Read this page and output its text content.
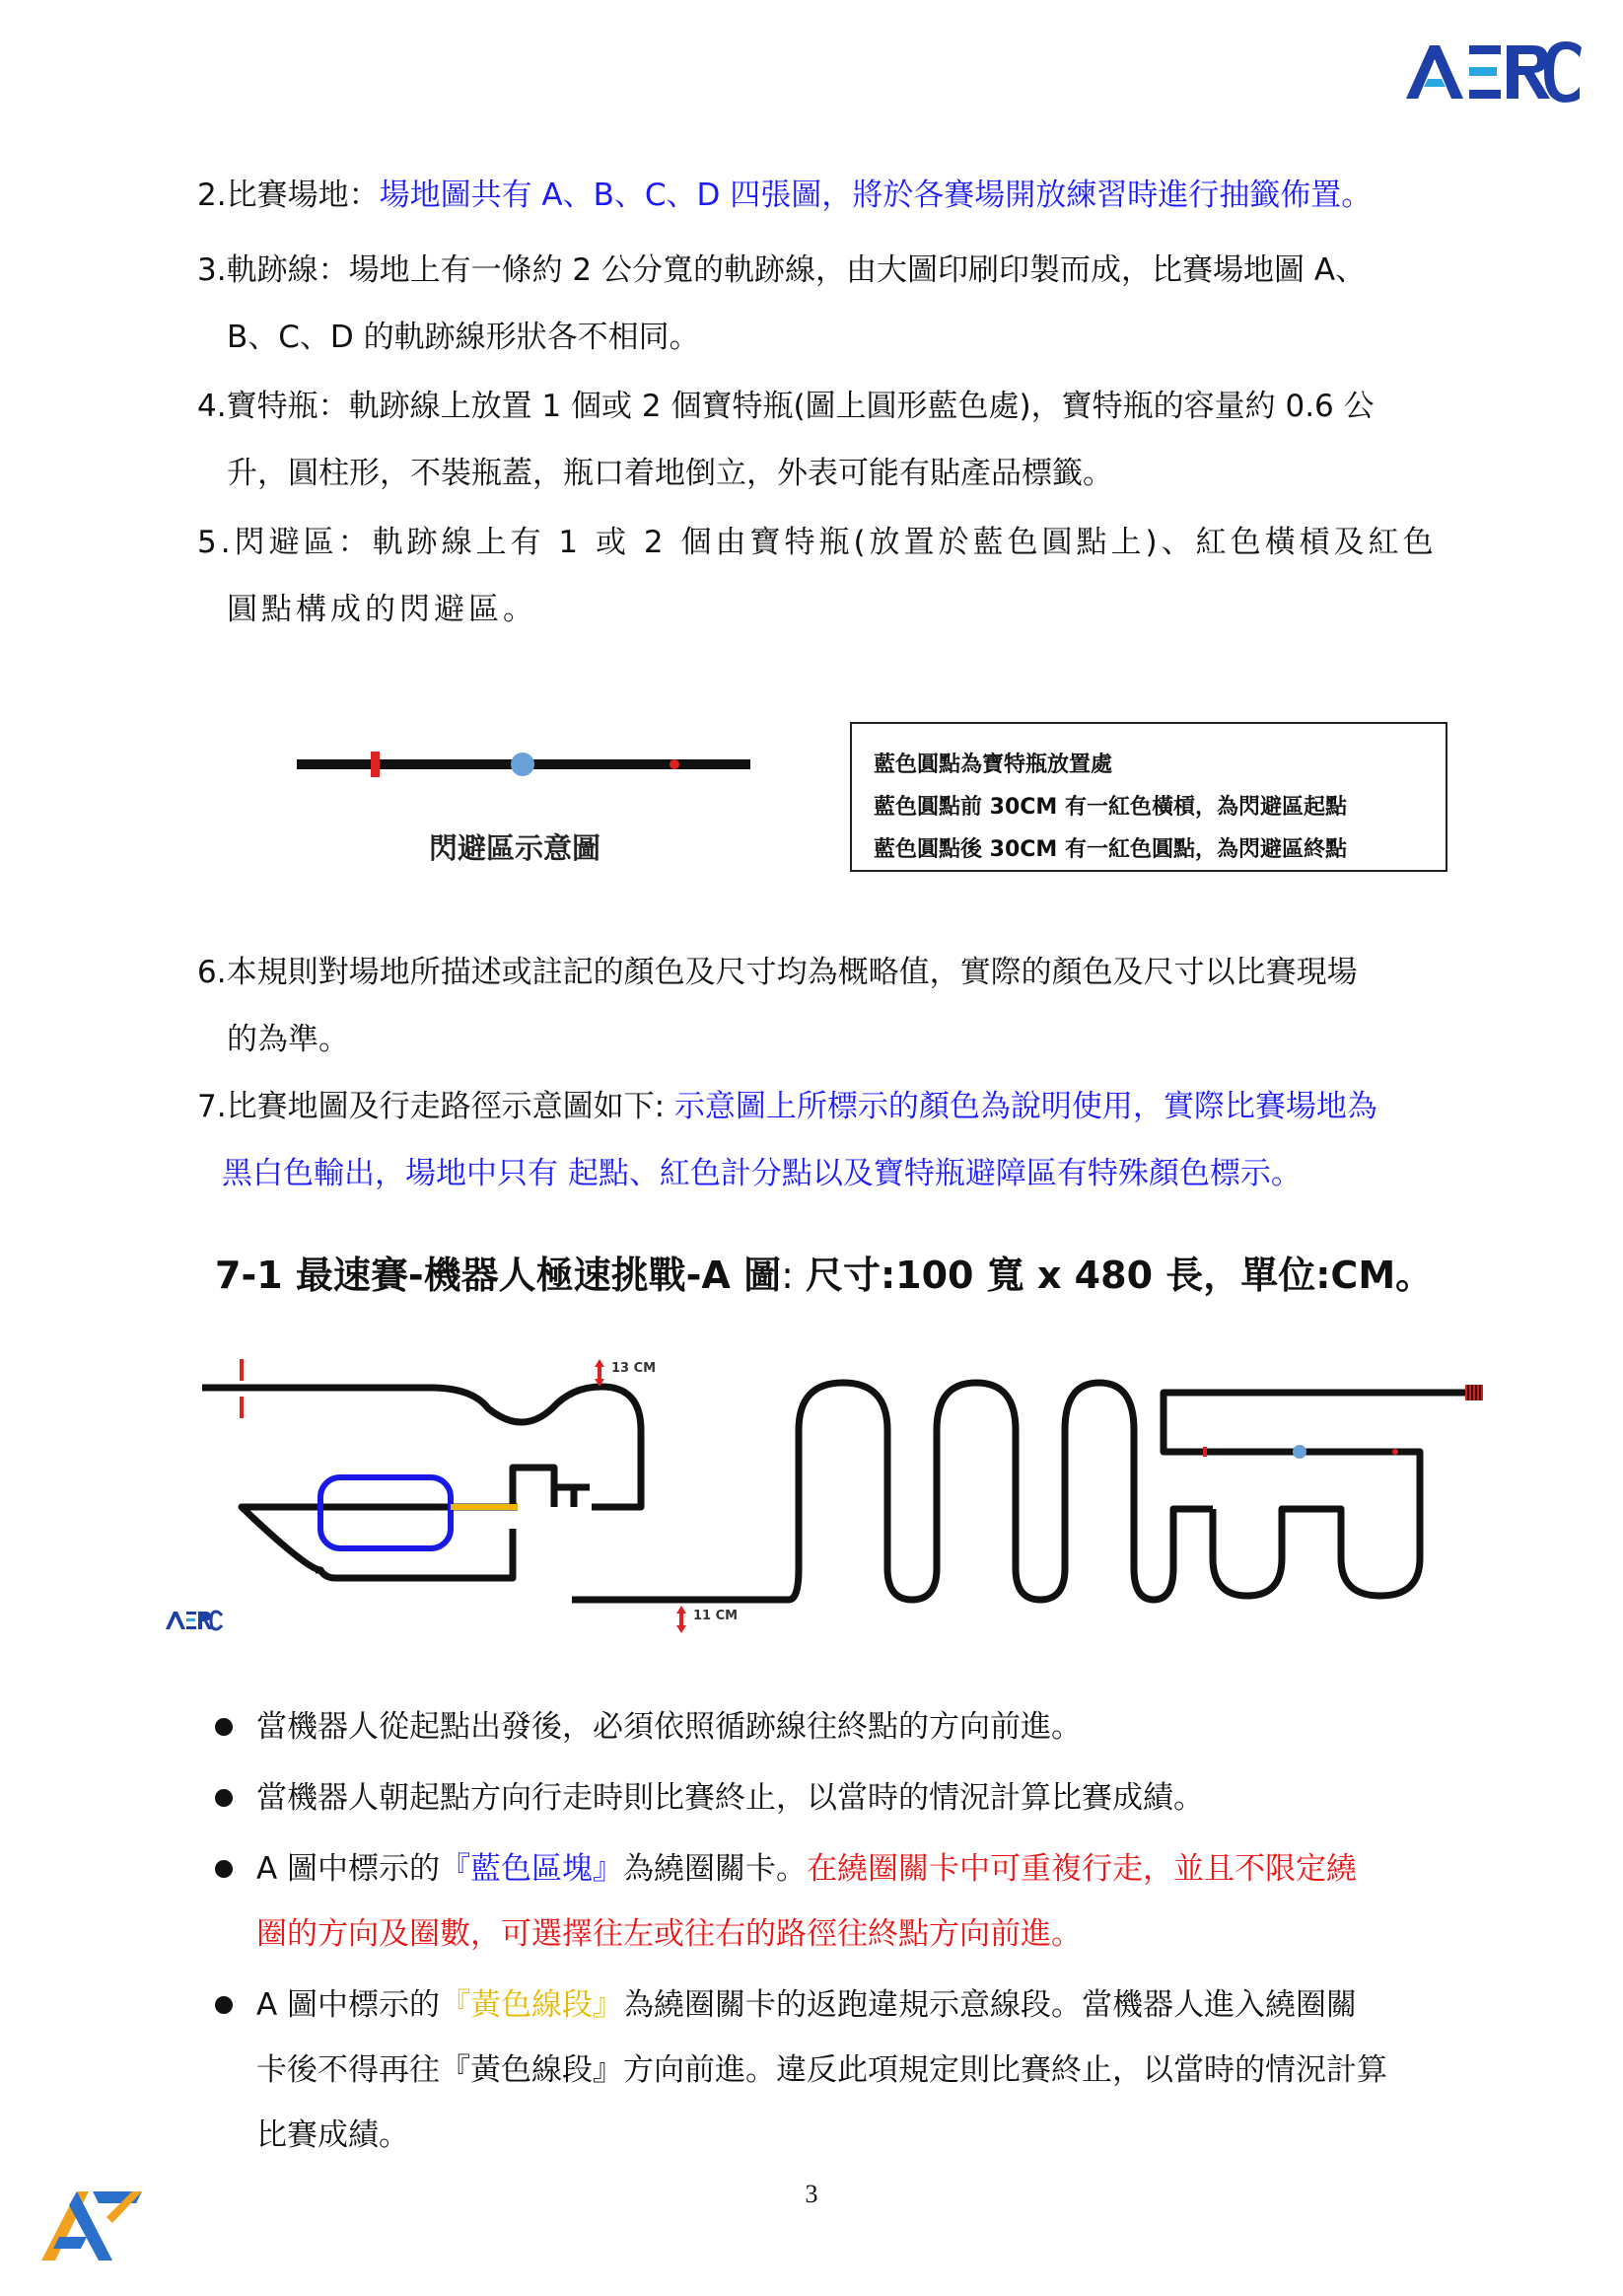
2.比賽場地：場地圖共有 A、B、C、D 四張圖，將於各賽場開放練習時進行抽籤佈置。
3.軌跡線：場地上有一條約 2 公分寬的軌跡線，由大圖印刷印製而成，比賽場地圖 A、
B、C、D 的軌跡線形狀各不相同。
4.寶特瓶：軌跡線上放置 1 個或 2 個寶特瓶(圖上圓形藍色處)，寶特瓶的容量約 0.6 公
升，圓柱形，不裝瓶蓋，瓶口着地倒立，外表可能有貼產品標籤。
5.閃避區：軌跡線上有 1 或 2 個由寶特瓶(放置於藍色圓點上)、紅色橫槓及紅色
圓點構成的閃避區。
閃避區示意圖
藍色圓點為寶特瓶放置處
藍色圓點前 30CM 有一紅色橫槓，為閃避區起點
藍色圓點後 30CM 有一紅色圓點，為閃避區終點
6.本規則對場地所描述或註記的顏色及尺寸均為概略值，實際的顏色及尺寸以比賽現場
的為準。
7.比賽地圖及行走路徑示意圖如下: 示意圖上所標示的顏色為說明使用，實際比賽場地為
黑白色輸出，場地中只有 起點、紅色計分點以及寶特瓶避障區有特殊顏色標示。
7-1 最速賽-機器人極速挑戰-A 圖: 尺寸:100 寬 x 480 長，單位:CM。
13 CM
11 CM
當機器人從起點出發後，必須依照循跡線往終點的方向前進。
當機器人朝起點方向行走時則比賽終止，以當時的情況計算比賽成績。
A 圖中標示的『藍色區塊』為繞圈關卡。在繞圈關卡中可重複行走，並且不限定繞
圈的方向及圈數，可選擇往左或往右的路徑往終點方向前進。
A 圖中標示的『黃色線段』為繞圈關卡的返跑違規示意線段。當機器人進入繞圈關
卡後不得再往『黃色線段』方向前進。違反此項規定則比賽終止，以當時的情況計算
比賽成績。
3
